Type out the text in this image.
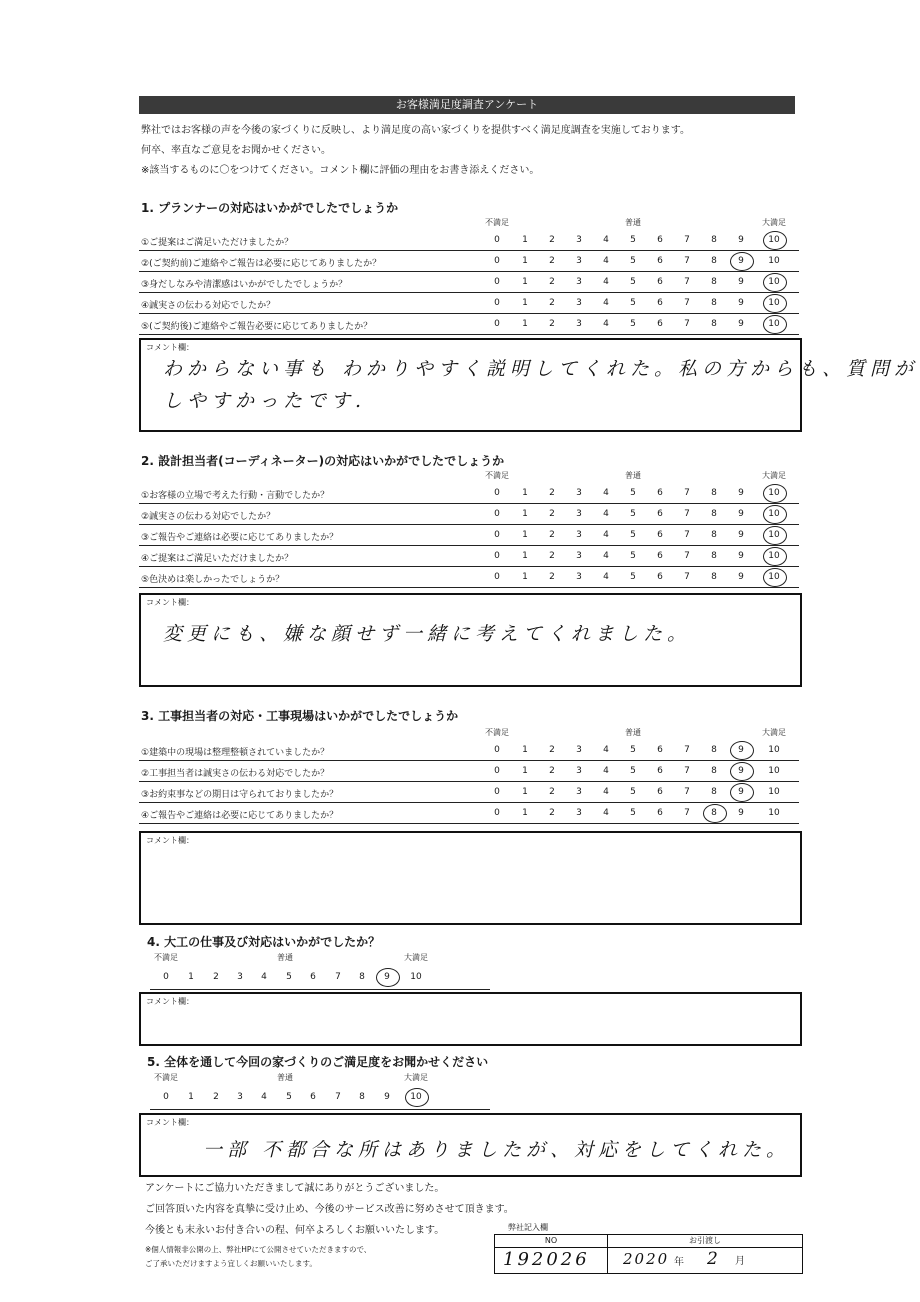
お客様満足度調査アンケート
弊社ではお客様の声を今後の家づくりに反映し、より満足度の高い家づくりを提供すべく満足度調査を実施しております。
何卒、率直なご意見をお聞かせください。
※該当するものに〇をつけてください。コメント欄に評価の理由をお書き添えください。
1. プランナーの対応はいかがでしたでしょうか
不満足	普通	大満足
①ご提案はご満足いただけましたか？	0	1	2	3	4	5	6	7	8	9	10
②(ご契約前)ご連絡やご報告は必要に応じてありましたか？	0	1	2	3	4	5	6	7	8	9	10
③身だしなみや清潔感はいかがでしたでしょうか？	0	1	2	3	4	5	6	7	8	9	10
④誠実さの伝わる対応でしたか？	0	1	2	3	4	5	6	7	8	9	10
⑤(ご契約後)ご連絡やご報告必要に応じてありましたか？	0	1	2	3	4	5	6	7	8	9	10
コメント欄：
わからない事も わかりやすく説明してくれた。私の方からも、質問が
しやすかったです.
2. 設計担当者(コーディネーター)の対応はいかがでしたでしょうか
不満足	普通	大満足
①お客様の立場で考えた行動・言動でしたか？	0	1	2	3	4	5	6	7	8	9	10
②誠実さの伝わる対応でしたか？	0	1	2	3	4	5	6	7	8	9	10
③ご報告やご連絡は必要に応じてありましたか？	0	1	2	3	4	5	6	7	8	9	10
④ご提案はご満足いただけましたか？	0	1	2	3	4	5	6	7	8	9	10
⑤色決めは楽しかったでしょうか？	0	1	2	3	4	5	6	7	8	9	10
コメント欄：
変更にも、嫌な顔せず一緒に考えてくれました。
3. 工事担当者の対応・工事現場はいかがでしたでしょうか
不満足	普通	大満足
①建築中の現場は整理整頓されていましたか？	0	1	2	3	4	5	6	7	8	9	10
②工事担当者は誠実さの伝わる対応でしたか？	0	1	2	3	4	5	6	7	8	9	10
③お約束事などの期日は守られておりましたか？	0	1	2	3	4	5	6	7	8	9	10
④ご報告やご連絡は必要に応じてありましたか？	0	1	2	3	4	5	6	7	8	9	10
コメント欄：
4. 大工の仕事及び対応はいかがでしたか？
不満足	普通	大満足
0	1	2	3	4	5	6	7	8	9	10
コメント欄：
5. 全体を通して今回の家づくりのご満足度をお聞かせください
不満足	普通	大満足
0	1	2	3	4	5	6	7	8	9	10
コメント欄：
一部 不都合な所はありましたが、対応をしてくれた。
アンケートにご協力いただきまして誠にありがとうございました。
ご回答頂いた内容を真摯に受け止め、今後のサービス改善に努めさせて頂きます。
今後とも末永いお付き合いの程、何卒よろしくお願いいたします。
※個人情報非公開の上、弊社HPにて公開させていただきますので、
ご了承いただけますよう宜しくお願いいたします。
弊社記入欄
NO	お引渡し
192026 2020 年 2 月
